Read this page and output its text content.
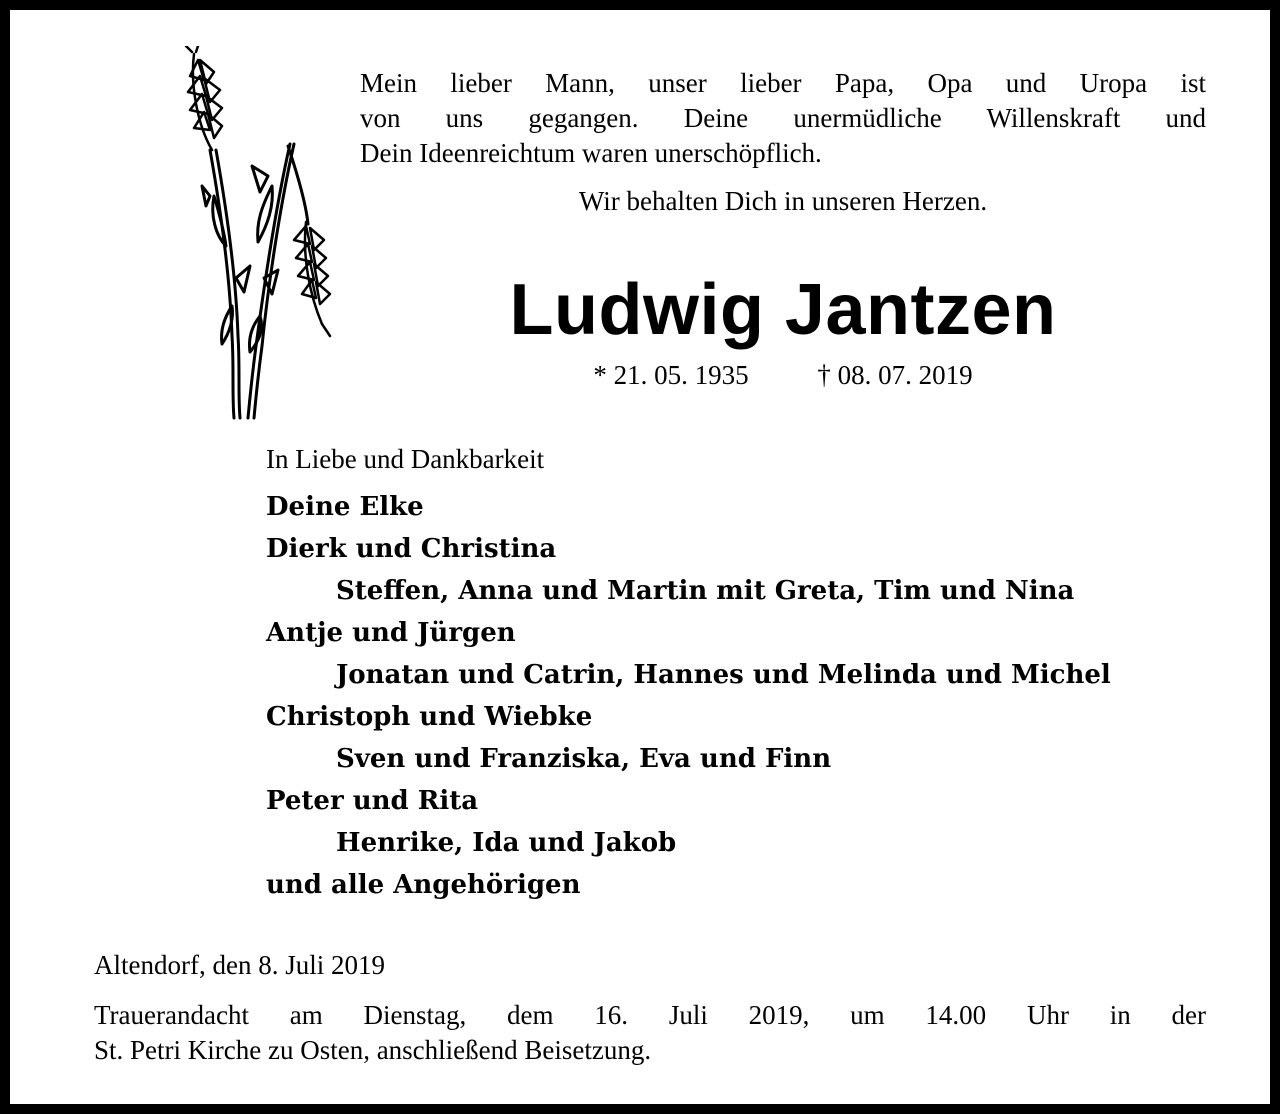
Mein lieber Mann, unser lieber Papa, Opa und Uropa ist

von uns gegangen. Deine unermüdliche Willenskraft und

Dein Ideenreichtum waren unerschöpflich.

Wir behalten Dich in unseren Herzen.
Ludwig Jantzen
* 21. 05. 1935	† 08. 07. 2019
In Liebe und Dankbarkeit
Deine Elke
Dierk und Christina
Steffen, Anna und Martin mit Greta, Tim und Nina
Antje und Jürgen
Jonatan und Catrin, Hannes und Melinda und Michel
Christoph und Wiebke
Sven und Franziska, Eva und Finn
Peter und Rita
Henrike, Ida und Jakob
und alle Angehörigen
Altendorf, den 8. Juli 2019

Trauerandacht am Dienstag, dem 16. Juli 2019, um 14.00 Uhr in der

St. Petri Kirche zu Osten, anschließend Beisetzung.
